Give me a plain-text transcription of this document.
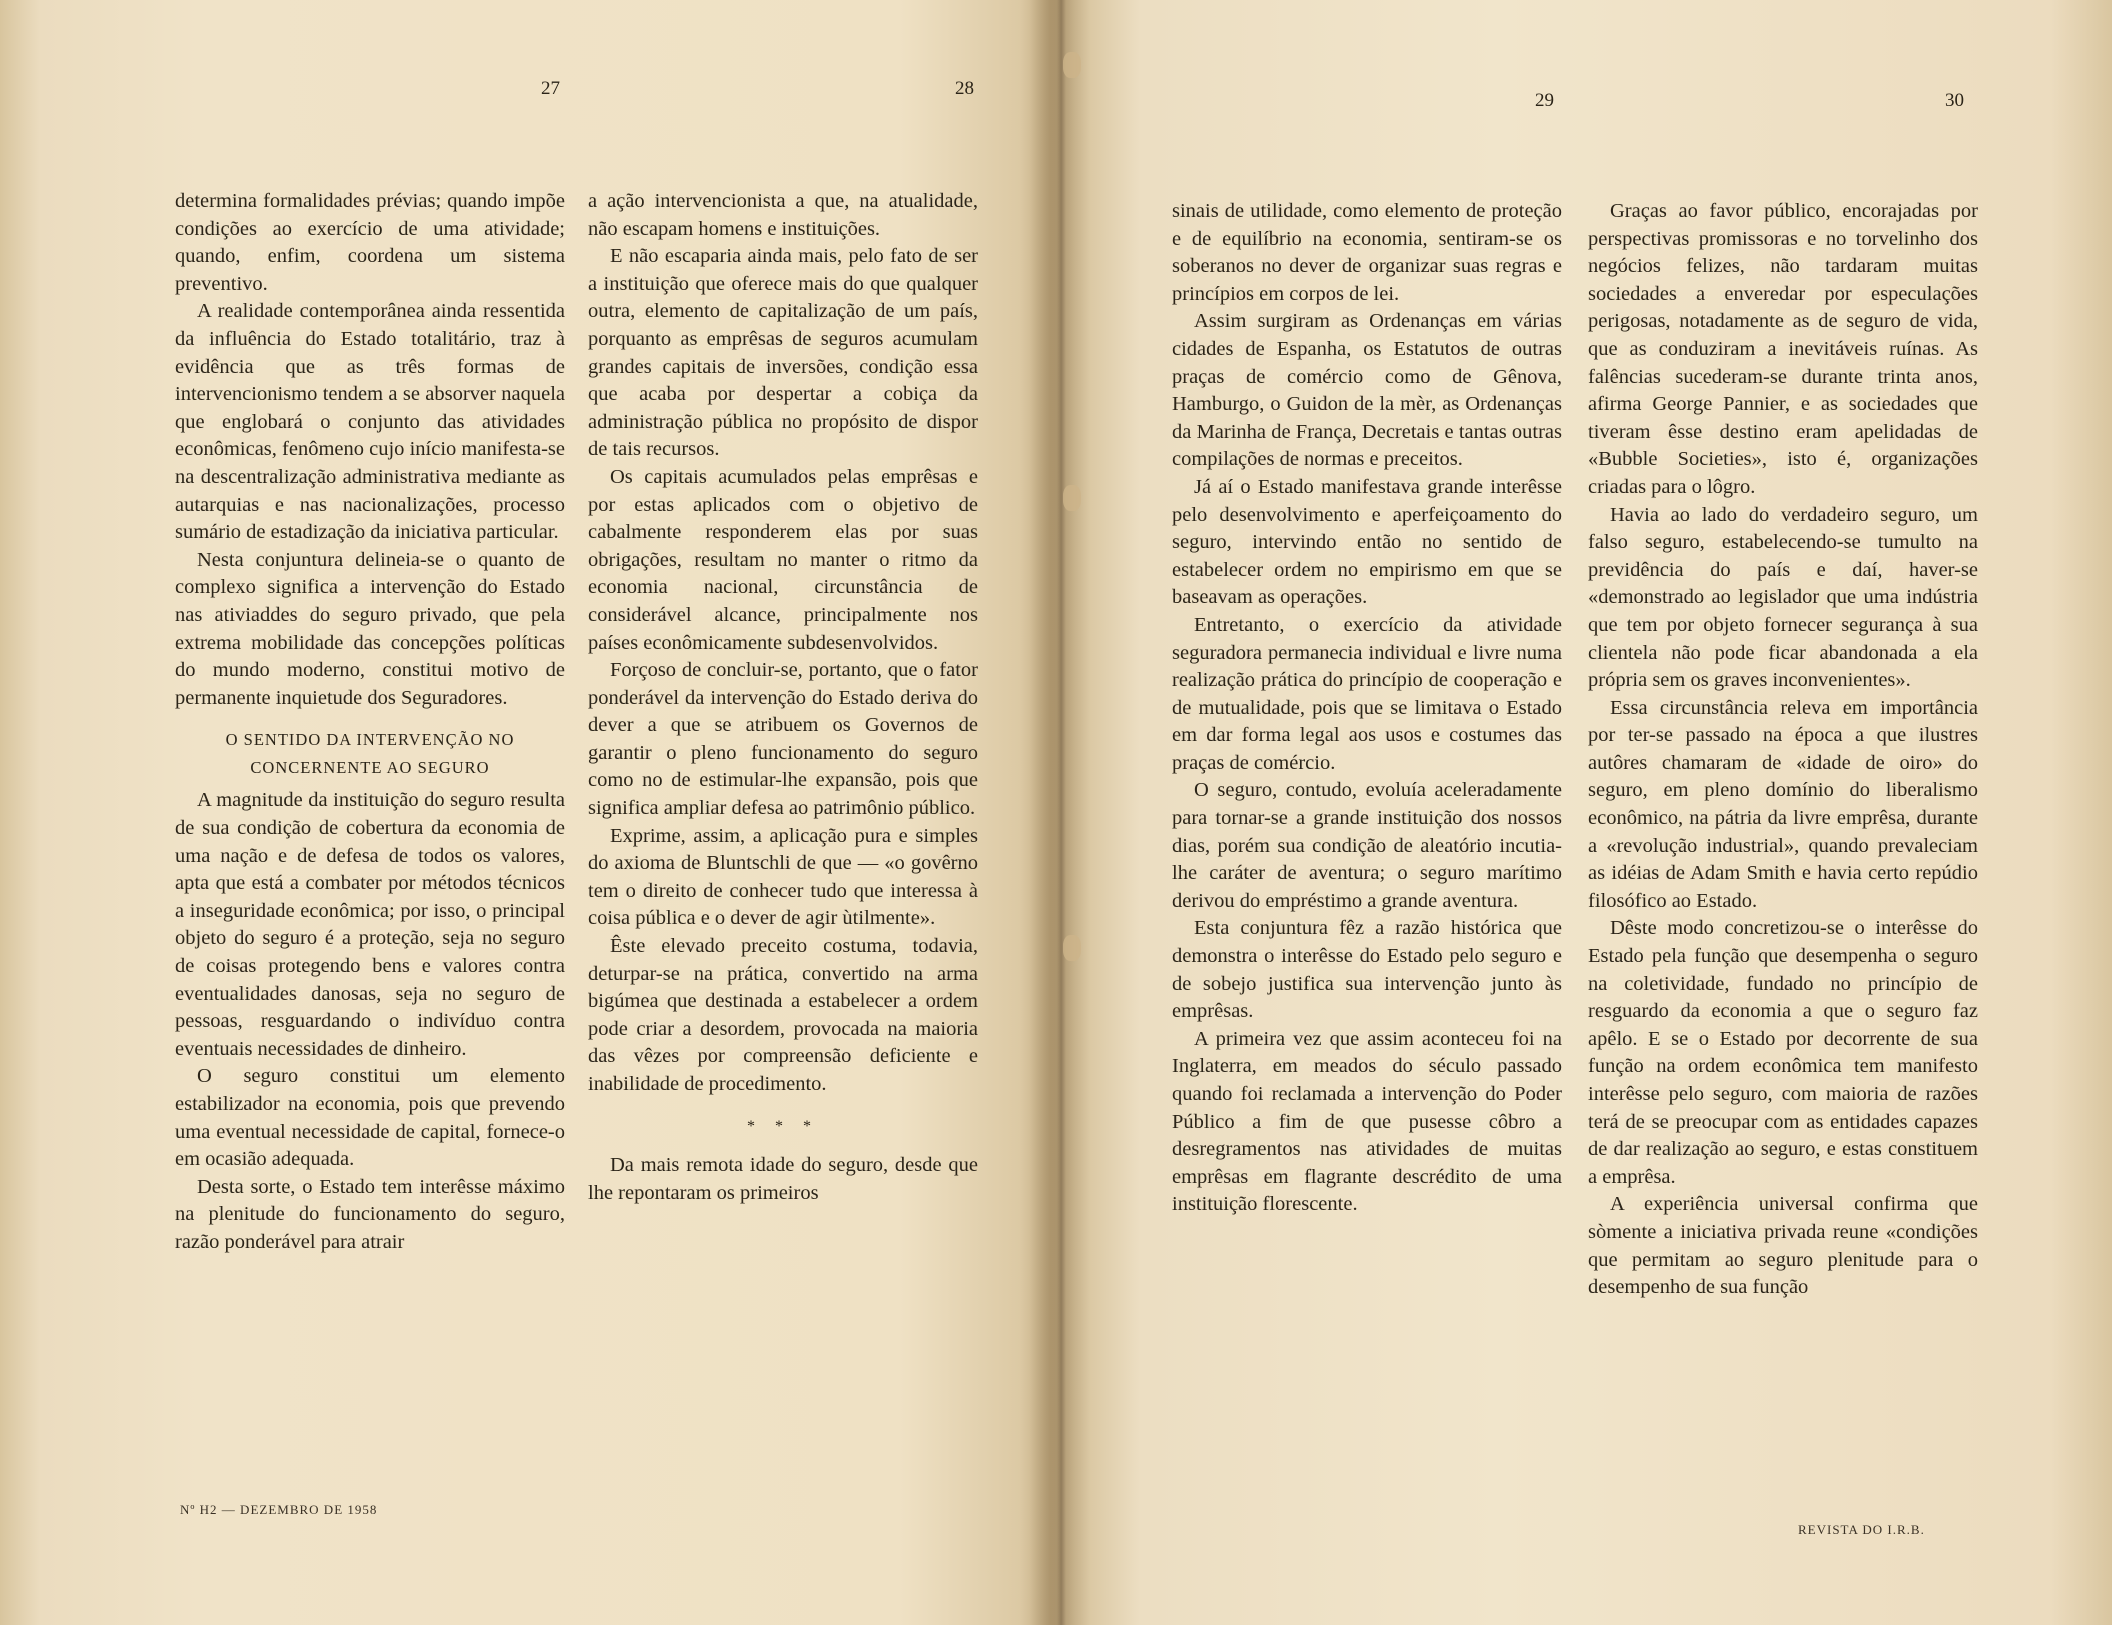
27	28
29	30

determina formalidades prévias; quando impõe condições ao exercício de uma atividade; quando, enfim, coordena um sistema preventivo.

A realidade contemporânea ainda ressentida da influência do Estado totalitário, traz à evidência que as três formas de intervencionismo tendem a se absorver naquela que englobará o conjunto das atividades econômicas, fenômeno cujo início manifesta-se na descentralização administrativa mediante as autarquias e nas nacionalizações, processo sumário de estadização da iniciativa particular.

Nesta conjuntura delineia-se o quanto de complexo significa a intervenção do Estado nas ativiaddes do seguro privado, que pela extrema mobilidade das concepções políticas do mundo moderno, constitui motivo de permanente inquietude dos Seguradores.

O SENTIDO DA INTERVENÇÃO NO
CONCERNENTE AO SEGURO

A magnitude da instituição do seguro resulta de sua condição de cobertura da economia de uma nação e de defesa de todos os valores, apta que está a combater por métodos técnicos a inseguridade econômica; por isso, o principal objeto do seguro é a proteção, seja no seguro de coisas protegendo bens e valores contra eventualidades danosas, seja no seguro de pessoas, resguardando o indivíduo contra eventuais necessidades de dinheiro.

O seguro constitui um elemento estabilizador na economia, pois que prevendo uma eventual necessidade de capital, fornece-o em ocasião adequada.

Desta sorte, o Estado tem interêsse máximo na plenitude do funcionamento do seguro, razão ponderável para atrair

a ação intervencionista a que, na atualidade, não escapam homens e instituições.

E não escaparia ainda mais, pelo fato de ser a instituição que oferece mais do que qualquer outra, elemento de capitalização de um país, porquanto as emprêsas de seguros acumulam grandes capitais de inversões, condição essa que acaba por despertar a cobiça da administração pública no propósito de dispor de tais recursos.

Os capitais acumulados pelas emprêsas e por estas aplicados com o objetivo de cabalmente responderem elas por suas obrigações, resultam no manter o ritmo da economia nacional, circunstância de considerável alcance, principalmente nos países econômicamente subdesenvolvidos.

Forçoso de concluir-se, portanto, que o fator ponderável da intervenção do Estado deriva do dever a que se atribuem os Governos de garantir o pleno funcionamento do seguro como no de estimular-lhe expansão, pois que significa ampliar defesa ao patrimônio público.

Exprime, assim, a aplicação pura e simples do axioma de Bluntschli de que — «o govêrno tem o direito de conhecer tudo que interessa à coisa pública e o dever de agir ùtilmente».

Êste elevado preceito costuma, todavia, deturpar-se na prática, convertido na arma bigúmea que destinada a estabelecer a ordem pode criar a desordem, provocada na maioria das vêzes por compreensão deficiente e inabilidade de procedimento.

* * *

Da mais remota idade do seguro, desde que lhe repontaram os primeiros

sinais de utilidade, como elemento de proteção e de equilíbrio na economia, sentiram-se os soberanos no dever de organizar suas regras e princípios em corpos de lei.

Assim surgiram as Ordenanças em várias cidades de Espanha, os Estatutos de outras praças de comércio como de Gênova, Hamburgo, o Guidon de la mèr, as Ordenanças da Marinha de França, Decretais e tantas outras compilações de normas e preceitos.

Já aí o Estado manifestava grande interêsse pelo desenvolvimento e aperfeiçoamento do seguro, intervindo então no sentido de estabelecer ordem no empirismo em que se baseavam as operações.

Entretanto, o exercício da atividade seguradora permanecia individual e livre numa realização prática do princípio de cooperação e de mutualidade, pois que se limitava o Estado em dar forma legal aos usos e costumes das praças de comércio.

O seguro, contudo, evoluía aceleradamente para tornar-se a grande instituição dos nossos dias, porém sua condição de aleatório incutia-lhe caráter de aventura; o seguro marítimo derivou do empréstimo a grande aventura.

Esta conjuntura fêz a razão histórica que demonstra o interêsse do Estado pelo seguro e de sobejo justifica sua intervenção junto às emprêsas.

A primeira vez que assim aconteceu foi na Inglaterra, em meados do século passado quando foi reclamada a intervenção do Poder Público a fim de que pusesse côbro a desregramentos nas atividades de muitas emprêsas em flagrante descrédito de uma instituição florescente.

Graças ao favor público, encorajadas por perspectivas promissoras e no torvelinho dos negócios felizes, não tardaram muitas sociedades a enveredar por especulações perigosas, notadamente as de seguro de vida, que as conduziram a inevitáveis ruínas. As falências sucederam-se durante trinta anos, afirma George Pannier, e as sociedades que tiveram êsse destino eram apelidadas de «Bubble Societies», isto é, organizações criadas para o lôgro.

Havia ao lado do verdadeiro seguro, um falso seguro, estabelecendo-se tumulto na previdência do país e daí, haver-se «demonstrado ao legislador que uma indústria que tem por objeto fornecer segurança à sua clientela não pode ficar abandonada a ela própria sem os graves inconvenientes».

Essa circunstância releva em importância por ter-se passado na época a que ilustres autôres chamaram de «idade de oiro» do seguro, em pleno domínio do liberalismo econômico, na pátria da livre emprêsa, durante a «revolução industrial», quando prevaleciam as idéias de Adam Smith e havia certo repúdio filosófico ao Estado.

Dêste modo concretizou-se o interêsse do Estado pela função que desempenha o seguro na coletividade, fundado no princípio de resguardo da economia a que o seguro faz apêlo. E se o Estado por decorrente de sua função na ordem econômica tem manifesto interêsse pelo seguro, com maioria de razões terá de se preocupar com as entidades capazes de dar realização ao seguro, e estas constituem a emprêsa.

A experiência universal confirma que sòmente a iniciativa privada reune «condições que permitam ao seguro plenitude para o desempenho de sua função

Nº H2 — DEZEMBRO DE 1958
REVISTA DO I.R.B.
